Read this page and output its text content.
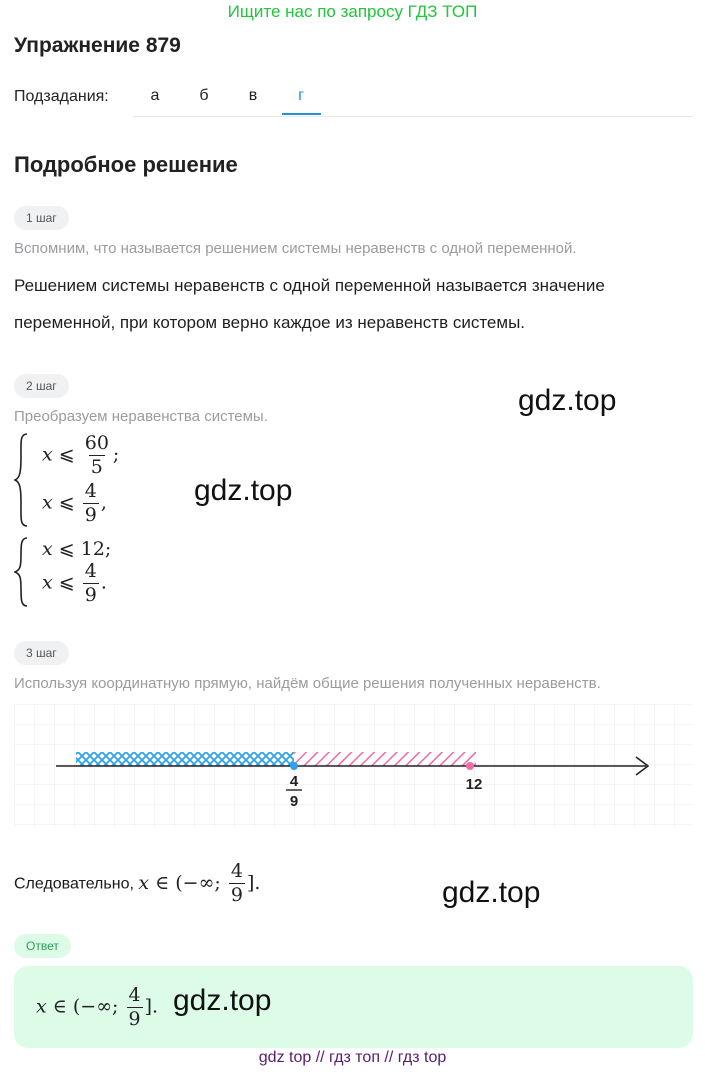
Ищите нас по запросу ГДЗ ТОП
Упражнение 879
Подзадания:	а	б	в	г
Подробное решение
1 шаг
Вспомним, что называется решением системы неравенств с одной переменной.
Решением системы неравенств с одной переменной называется значение
переменной, при котором верно каждое из неравенств системы.
2 шаг
Преобразуем неравенства системы.
x ⩽ $\frac{60}{5}$ ;
x ⩽ $\frac{4}{9}$ ,
x ⩽ 12;
x ⩽ $\frac{4}{9}$ .
3 шаг
Используя координатную прямую, найдём общие решения полученных неравенств.
4
9
12
Следовательно, x ∈ (−∞; $\frac{4}{9}$ ].
Ответ
x ∈ (−∞; $\frac{4}{9}$ ].
gdz.top
gdz.top
gdz.top
gdz.top
gdz top // гдз топ // гдз top
